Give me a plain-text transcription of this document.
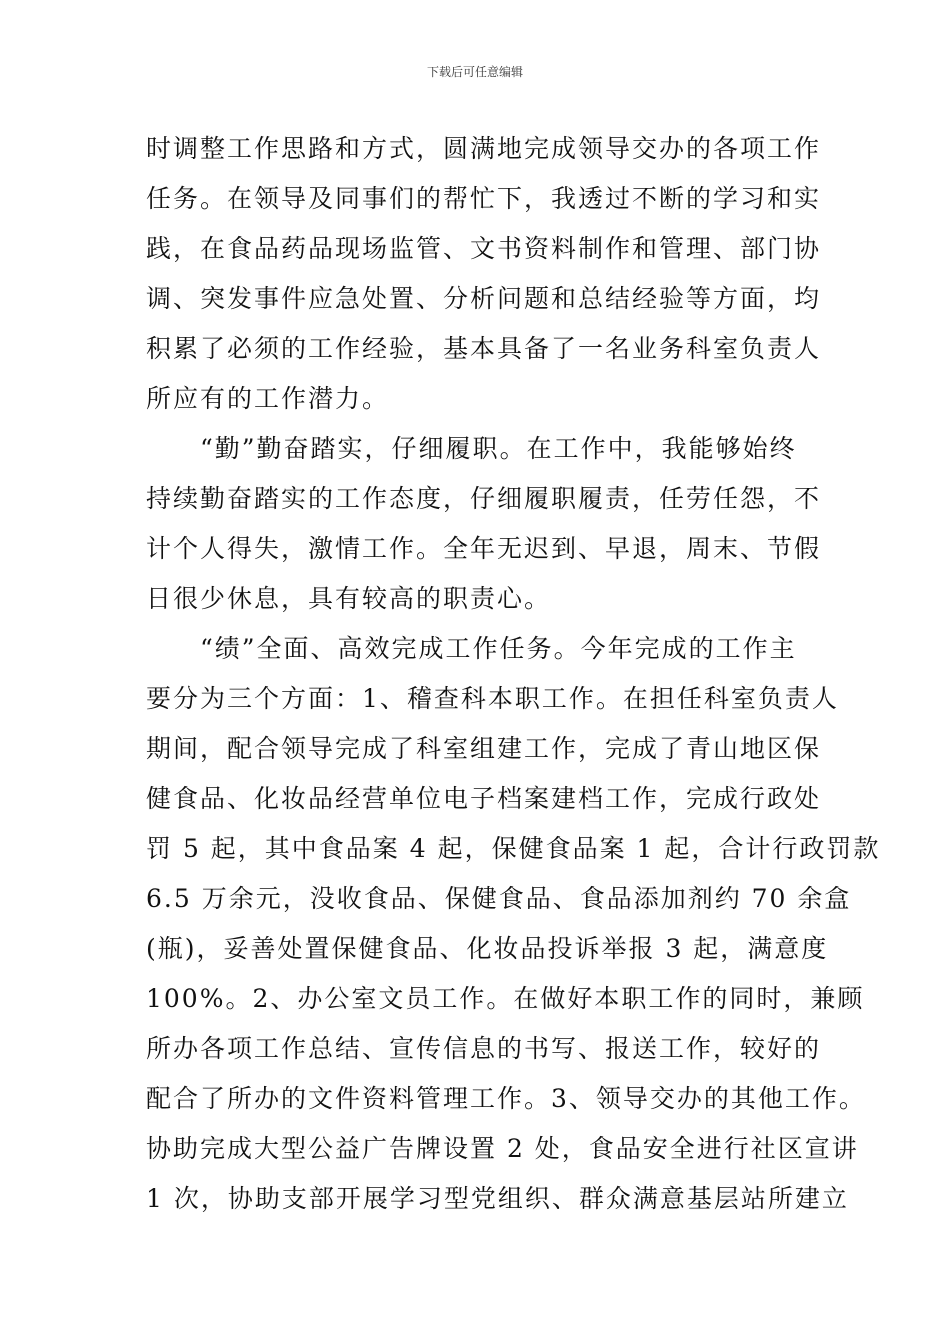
下载后可任意编辑
时调整工作思路和方式，圆满地完成领导交办的各项工作
任务。在领导及同事们的帮忙下，我透过不断的学习和实
践，在食品药品现场监管、文书资料制作和管理、部门协
调、突发事件应急处置、分析问题和总结经验等方面，均
积累了必须的工作经验，基本具备了一名业务科室负责人
所应有的工作潜力。
　　“勤”勤奋踏实，仔细履职。在工作中，我能够始终
持续勤奋踏实的工作态度，仔细履职履责，任劳任怨，不
计个人得失，激情工作。全年无迟到、早退，周末、节假
日很少休息，具有较高的职责心。
　　“绩”全面、高效完成工作任务。今年完成的工作主
要分为三个方面：1、稽查科本职工作。在担任科室负责人
期间，配合领导完成了科室组建工作，完成了青山地区保
健食品、化妆品经营单位电子档案建档工作，完成行政处
罚 5 起，其中食品案 4 起，保健食品案 1 起，合计行政罚款
6.5 万余元，没收食品、保健食品、食品添加剂约 70 余盒
(瓶)，妥善处置保健食品、化妆品投诉举报 3 起，满意度
100%。2、办公室文员工作。在做好本职工作的同时，兼顾
所办各项工作总结、宣传信息的书写、报送工作，较好的
配合了所办的文件资料管理工作。3、领导交办的其他工作。
协助完成大型公益广告牌设置 2 处，食品安全进行社区宣讲
1 次，协助支部开展学习型党组织、群众满意基层站所建立
